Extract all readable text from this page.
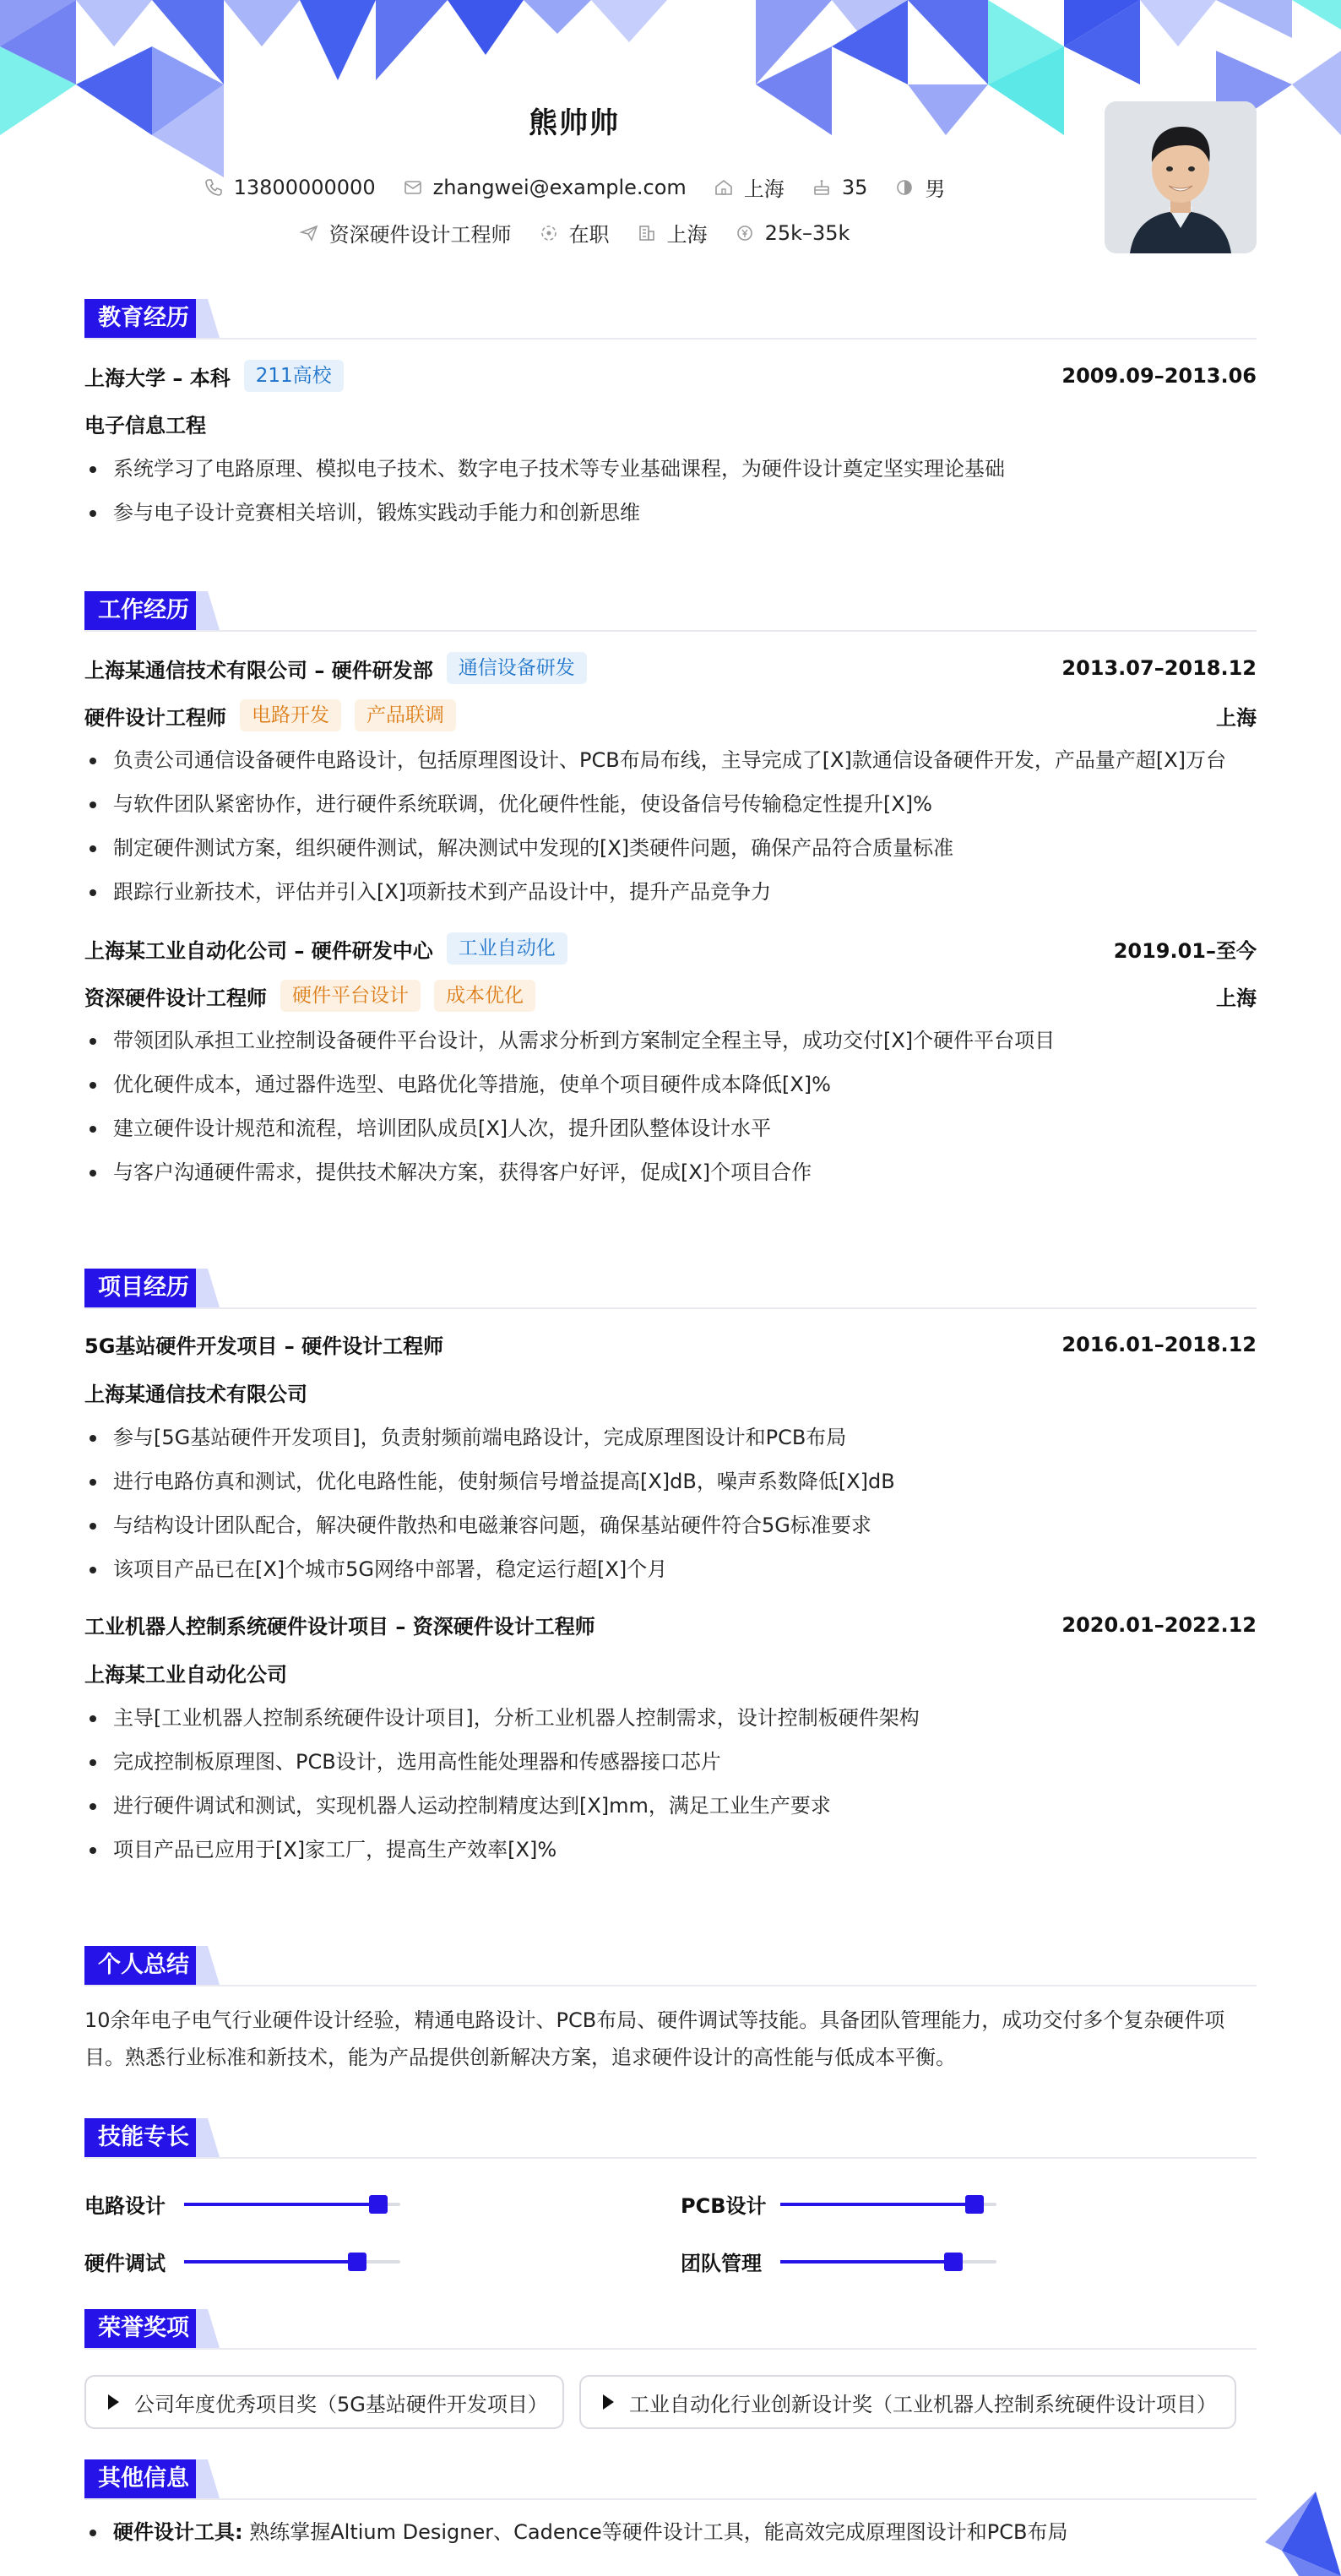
熊帅帅
13800000000	zhangwei@example.com	上海	35	男
资深硬件设计工程师	在职	上海	25k–35k
教育经历
上海大学 – 本科	211高校	2009.09–2013.06
电子信息工程
系统学习了电路原理、模拟电子技术、数字电子技术等专业基础课程，为硬件设计奠定坚实理论基础
参与电子设计竞赛相关培训，锻炼实践动手能力和创新思维
工作经历
上海某通信技术有限公司 – 硬件研发部	通信设备研发	2013.07–2018.12
硬件设计工程师	电路开发	产品联调	上海
负责公司通信设备硬件电路设计，包括原理图设计、PCB布局布线，主导完成了[X]款通信设备硬件开发，产品量产超[X]万台
与软件团队紧密协作，进行硬件系统联调，优化硬件性能，使设备信号传输稳定性提升[X]%
制定硬件测试方案，组织硬件测试，解决测试中发现的[X]类硬件问题，确保产品符合质量标准
跟踪行业新技术，评估并引入[X]项新技术到产品设计中，提升产品竞争力
上海某工业自动化公司 – 硬件研发中心	工业自动化	2019.01–至今
资深硬件设计工程师	硬件平台设计	成本优化	上海
带领团队承担工业控制设备硬件平台设计，从需求分析到方案制定全程主导，成功交付[X]个硬件平台项目
优化硬件成本，通过器件选型、电路优化等措施，使单个项目硬件成本降低[X]%
建立硬件设计规范和流程，培训团队成员[X]人次，提升团队整体设计水平
与客户沟通硬件需求，提供技术解决方案，获得客户好评，促成[X]个项目合作
项目经历
5G基站硬件开发项目 – 硬件设计工程师	2016.01–2018.12
上海某通信技术有限公司
参与[5G基站硬件开发项目]，负责射频前端电路设计，完成原理图设计和PCB布局
进行电路仿真和测试，优化电路性能，使射频信号增益提高[X]dB，噪声系数降低[X]dB
与结构设计团队配合，解决硬件散热和电磁兼容问题，确保基站硬件符合5G标准要求
该项目产品已在[X]个城市5G网络中部署，稳定运行超[X]个月
工业机器人控制系统硬件设计项目 – 资深硬件设计工程师	2020.01–2022.12
上海某工业自动化公司
主导[工业机器人控制系统硬件设计项目]，分析工业机器人控制需求，设计控制板硬件架构
完成控制板原理图、PCB设计，选用高性能处理器和传感器接口芯片
进行硬件调试和测试，实现机器人运动控制精度达到[X]mm，满足工业生产要求
项目产品已应用于[X]家工厂，提高生产效率[X]%
个人总结
10余年电子电气行业硬件设计经验，精通电路设计、PCB布局、硬件调试等技能。具备团队管理能力，成功交付多个复杂硬件项目。熟悉行业标准和新技术，能为产品提供创新解决方案，追求硬件设计的高性能与低成本平衡。
技能专长
电路设计	PCB设计
硬件调试	团队管理
荣誉奖项
公司年度优秀项目奖（5G基站硬件开发项目）	工业自动化行业创新设计奖（工业机器人控制系统硬件设计项目）
其他信息
硬件设计工具: 熟练掌握Altium Designer、Cadence等硬件设计工具，能高效完成原理图设计和PCB布局
